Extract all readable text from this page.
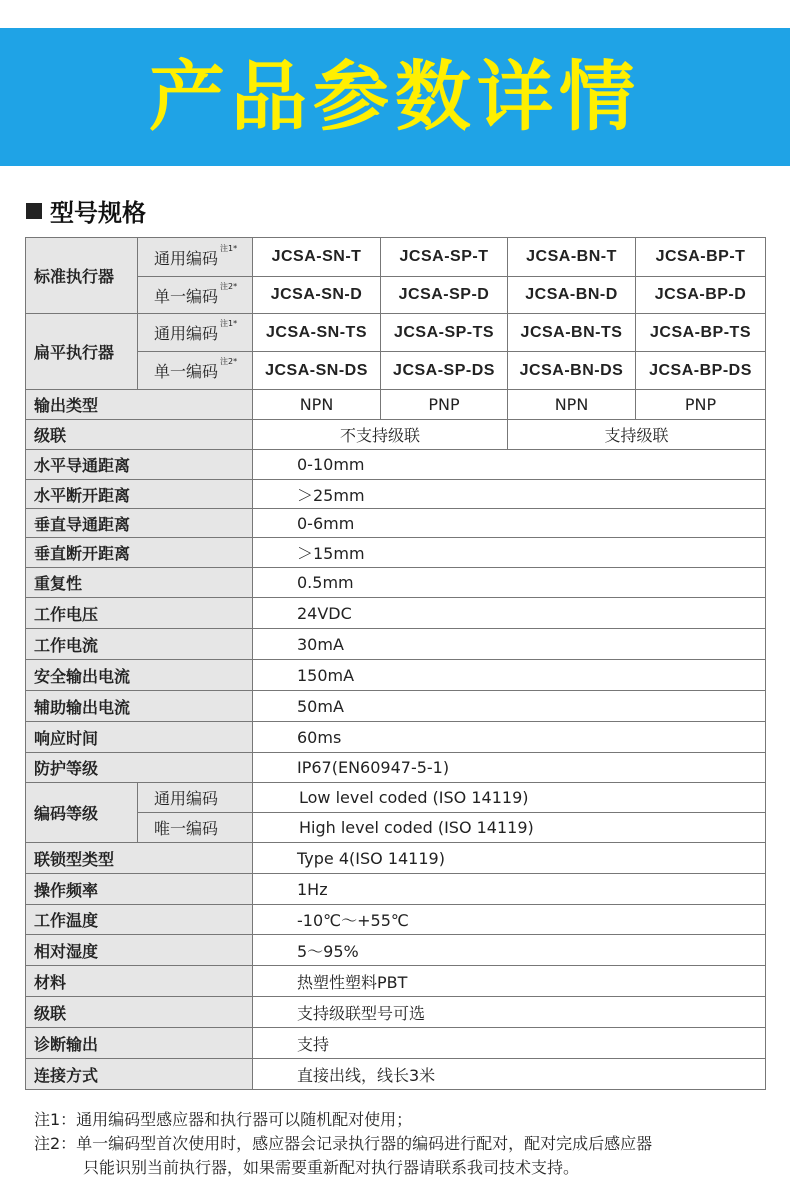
产品参数详情
型号规格
标准执行器	通用编码$^{注1*}$	JCSA-SN-T	JCSA-SP-T	JCSA-BN-T	JCSA-BP-T
	单一编码$^{注2*}$	JCSA-SN-D	JCSA-SP-D	JCSA-BN-D	JCSA-BP-D
扁平执行器	通用编码$^{注1*}$	JCSA-SN-TS	JCSA-SP-TS	JCSA-BN-TS	JCSA-BP-TS
	单一编码$^{注2*}$	JCSA-SN-DS	JCSA-SP-DS	JCSA-BN-DS	JCSA-BP-DS
输出类型		NPN	PNP	NPN	PNP
级联		不支持级联		支持级联	
水平导通距离		0-10mm			
水平断开距离		＞25mm			
垂直导通距离		0-6mm			
垂直断开距离		＞15mm			
重复性		0.5mm			
工作电压		24VDC			
工作电流		30mA			
安全输出电流		150mA			
辅助输出电流		50mA			
响应时间		60ms			
防护等级		IP67(EN60947-5-1)			
编码等级	通用编码	Low level coded (ISO 14119)			
	唯一编码	High level coded (ISO 14119)			
联锁型类型		Type 4(ISO 14119)			
操作频率		1Hz			
工作温度		-10℃～+55℃			
相对湿度		5～95%			
材料		热塑性塑料PBT			
级联		支持级联型号可选			
诊断输出		支持			
连接方式		直接出线，线长3米			
注1：通用编码型感应器和执行器可以随机配对使用；
注2：单一编码型首次使用时，感应器会记录执行器的编码进行配对，配对完成后感应器
只能识别当前执行器，如果需要重新配对执行器请联系我司技术支持。
